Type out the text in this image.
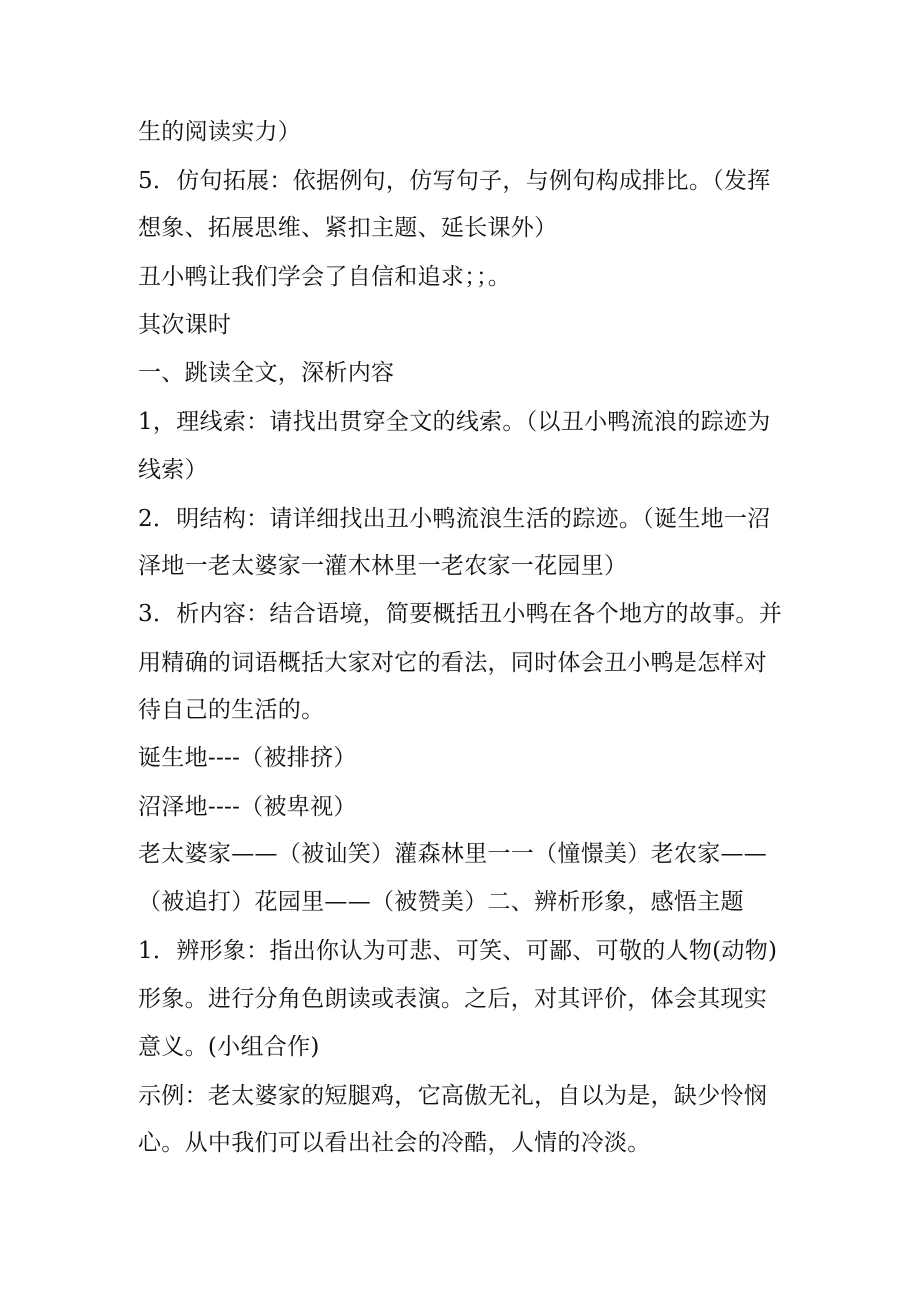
生的阅读实力）
5．仿句拓展：依据例句，仿写句子，与例句构成排比。（发挥
想象、拓展思维、紧扣主题、延长课外）
丑小鸭让我们学会了自信和追求；；。
其次课时
一、跳读全文，深析内容
1，理线索：请找出贯穿全文的线索。（以丑小鸭流浪的踪迹为
线索）
2．明结构：请详细找出丑小鸭流浪生活的踪迹。（诞生地一沼
泽地一老太婆家一灌木林里一老农家一花园里）
3．析内容：结合语境，简要概括丑小鸭在各个地方的故事。并
用精确的词语概括大家对它的看法，同时体会丑小鸭是怎样对
待自己的生活的。
诞生地----（被排挤）
沼泽地----（被卑视）
老太婆家——（被讪笑）灌森林里一一（憧憬美）老农家——
（被追打）花园里——（被赞美）二、辨析形象，感悟主题
1．辨形象：指出你认为可悲、可笑、可鄙、可敬的人物(动物)
形象。进行分角色朗读或表演。之后，对其评价，体会其现实
意义。(小组合作)
示例：老太婆家的短腿鸡，它高傲无礼，自以为是，缺少怜悯
心。从中我们可以看出社会的冷酷，人情的冷淡。
